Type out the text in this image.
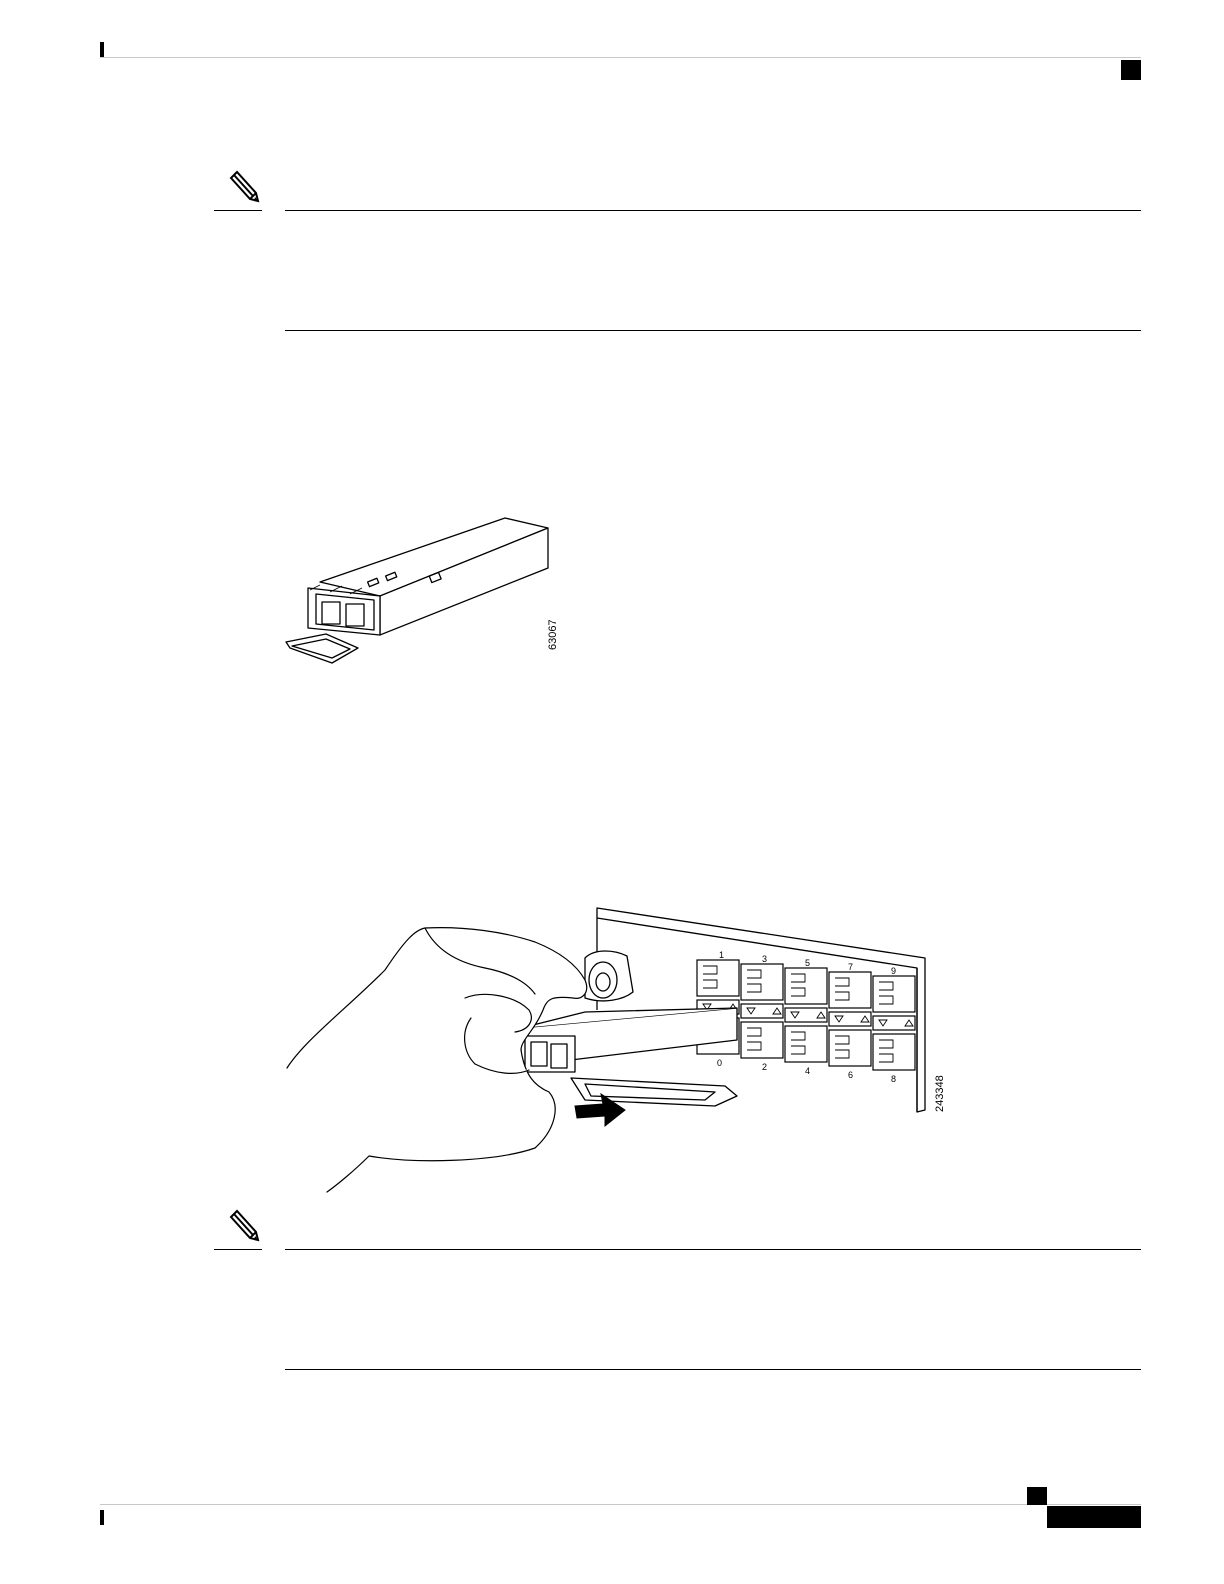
63067
1	3	5	7	9
0	2	4	6	8	243348
